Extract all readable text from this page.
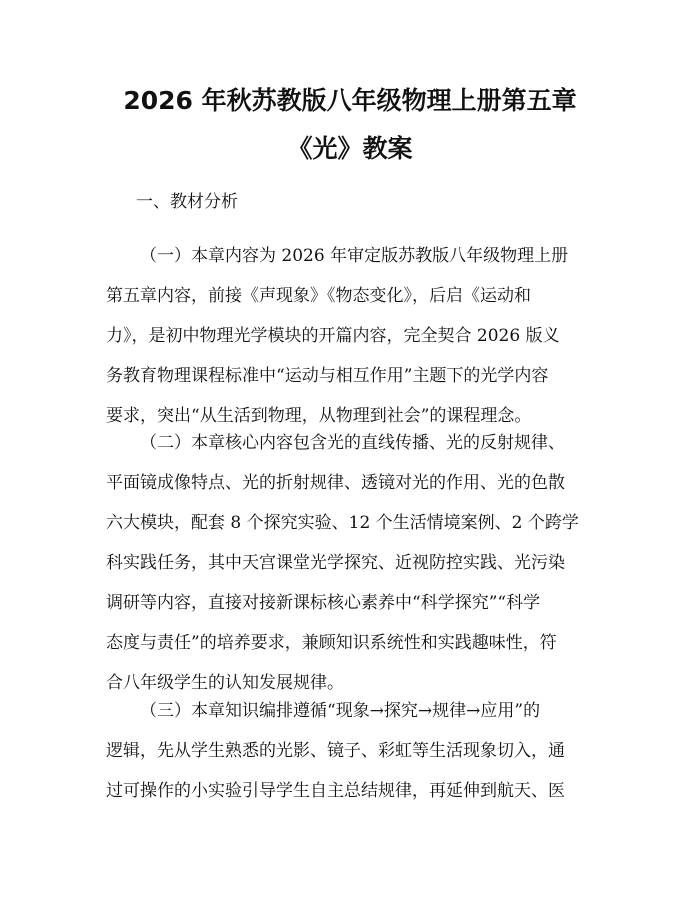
2026 年秋苏教版八年级物理上册第五章
《光》教案
一、教材分析
（一）本章内容为 2026 年审定版苏教版八年级物理上册
第五章内容，前接《声现象》《物态变化》，后启《运动和
力》，是初中物理光学模块的开篇内容，完全契合 2026 版义
务教育物理课程标准中“运动与相互作用”主题下的光学内容
要求，突出“从生活到物理，从物理到社会”的课程理念。
（二）本章核心内容包含光的直线传播、光的反射规律、
平面镜成像特点、光的折射规律、透镜对光的作用、光的色散
六大模块，配套 8 个探究实验、12 个生活情境案例、2 个跨学
科实践任务，其中天宫课堂光学探究、近视防控实践、光污染
调研等内容，直接对接新课标核心素养中“科学探究”“科学
态度与责任”的培养要求，兼顾知识系统性和实践趣味性，符
合八年级学生的认知发展规律。
（三）本章知识编排遵循“现象→探究→规律→应用”的
逻辑，先从学生熟悉的光影、镜子、彩虹等生活现象切入，通
过可操作的小实验引导学生自主总结规律，再延伸到航天、医
